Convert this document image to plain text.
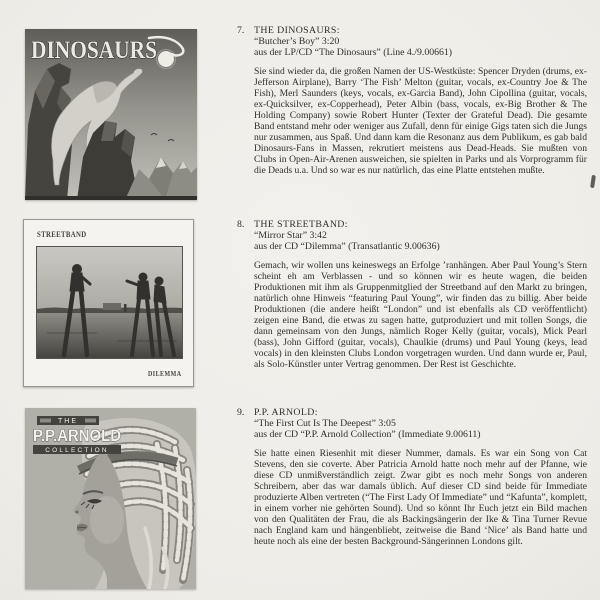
DINOSAURS
STREETBAND
DILEMMA
THE
P.P.ARNOLD
COLLECTION
7. THE DINOSAURS:
“Butcher’s Boy” 3:20
aus der LP/CD “The Dinosaurs” (Line 4./9.00661)

Sie sind wieder da, die großen Namen der US-Westküste: Spencer Dryden (drums, ex-Jefferson Airplane), Barry ‘The Fish’ Melton (guitar, vocals, ex-Country Joe & The Fish), Merl Saunders (keys, vocals, ex-Garcia Band), John Cipollina (guitar, vocals, ex-Quicksilver, ex-Copperhead), Peter Albin (bass, vocals, ex-Big Brother & The Holding Company) sowie Robert Hunter (Texter der Grateful Dead). Die gesamte Band entstand mehr oder weniger aus Zufall, denn für einige Gigs taten sich die Jungs nur zusammen, aus Spaß. Und dann kam die Resonanz aus dem Publikum, es gab bald Dinosaurs-Fans in Massen, rekrutiert meistens aus Dead-Heads. Sie mußten von Clubs in Open-Air-Arenen ausweichen, sie spielten in Parks und als Vorprogramm für die Deads u.a. Und so war es nur natürlich, das eine Platte entstehen mußte.

8. THE STREETBAND:
“Mirror Star” 3:42
aus der CD “Dilemma” (Transatlantic 9.00636)

Gemach, wir wollen uns keineswegs an Erfolge ’ranhängen. Aber Paul Young’s Stern scheint eh am Verblassen - und so können wir es heute wagen, die beiden Produktionen mit ihm als Gruppenmitglied der Streetband auf den Markt zu bringen, natürlich ohne Hinweis “featuring Paul Young”, wir finden das zu billig. Aber beide Produktionen (die andere heißt “London” und ist ebenfalls als CD veröffentlicht) zeigen eine Band, die etwas zu sagen hatte, gutproduziert und mit tollen Songs, die dann gemeinsam von den Jungs, nämlich Roger Kelly (guitar, vocals), Mick Pearl (bass), John Gifford (guitar, vocals), Chaulkie (drums) und Paul Young (keys, lead vocals) in den kleinsten Clubs London vorgetragen wurden. Und dann wurde er, Paul, als Solo-Künstler unter Vertrag genommen. Der Rest ist Geschichte.

9. P.P. ARNOLD:
“The First Cut Is The Deepest” 3:05
aus der CD “P.P. Arnold Collection” (Immediate 9.00611)

Sie hatte einen Riesenhit mit dieser Nummer, damals. Es war ein Song von Cat Stevens, den sie coverte. Aber Patricia Arnold hatte noch mehr auf der Pfanne, wie diese CD unmißverständlich zeigt. Zwar gibt es noch mehr Songs von anderen Schreibern, aber das war damals üblich. Auf dieser CD sind beide für Immediate produzierte Alben vertreten (“The First Lady Of Immediate” und “Kafunta”, komplett, in einem vorher nie gehörten Sound). Und so könnt Ihr Euch jetzt ein Bild machen von den Qualitäten der Frau, die als Backingsängerin der Ike & Tina Turner Revue nach England kam und hängenbliebt, zeitweise die Band ‘Nice’ als Band hatte und heute noch als eine der besten Background-Sängerinnen Londons gilt.
